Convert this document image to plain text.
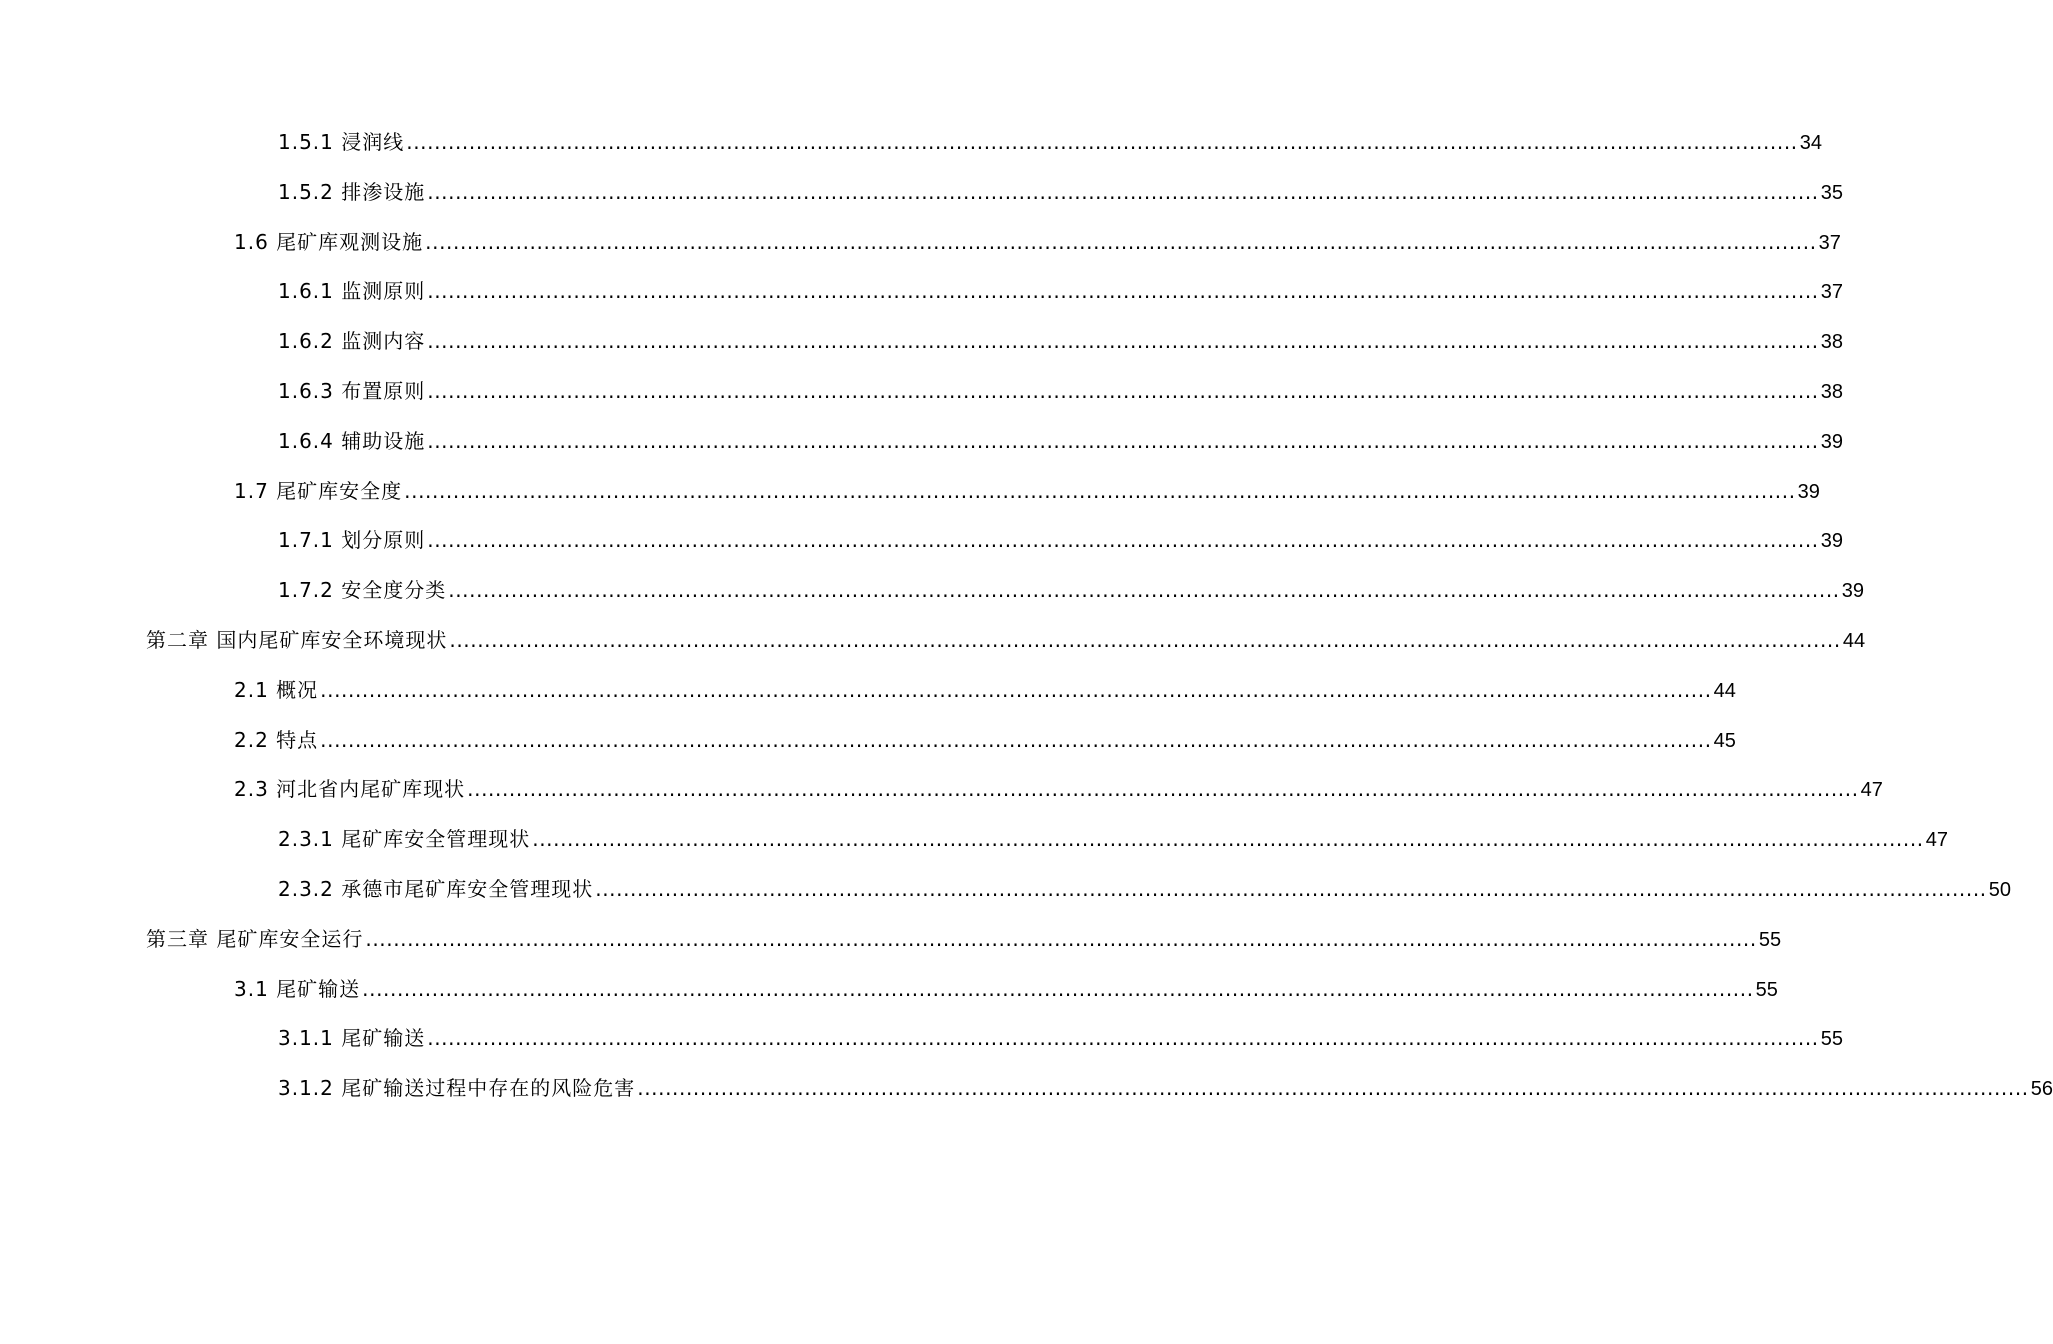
1.5.1 浸润线 ........................................................................................................................................................................................................ 34
1.5.2 排渗设施 ........................................................................................................................................................................................................ 35
1.6 尾矿库观测设施 ........................................................................................................................................................................................................ 37
1.6.1 监测原则 ........................................................................................................................................................................................................ 37
1.6.2 监测内容 ........................................................................................................................................................................................................ 38
1.6.3 布置原则 ........................................................................................................................................................................................................ 38
1.6.4 辅助设施 ........................................................................................................................................................................................................ 39
1.7 尾矿库安全度 ........................................................................................................................................................................................................ 39
1.7.1 划分原则 ........................................................................................................................................................................................................ 39
1.7.2 安全度分类 ........................................................................................................................................................................................................ 39
第二章 国内尾矿库安全环境现状 ........................................................................................................................................................................................................ 44
2.1 概况 ........................................................................................................................................................................................................ 44
2.2 特点 ........................................................................................................................................................................................................ 45
2.3 河北省内尾矿库现状 ........................................................................................................................................................................................................ 47
2.3.1 尾矿库安全管理现状 ........................................................................................................................................................................................................ 47
2.3.2 承德市尾矿库安全管理现状 ........................................................................................................................................................................................................ 50
第三章 尾矿库安全运行 ........................................................................................................................................................................................................ 55
3.1 尾矿输送 ........................................................................................................................................................................................................ 55
3.1.1 尾矿输送 ........................................................................................................................................................................................................ 55
3.1.2 尾矿输送过程中存在的风险危害 ........................................................................................................................................................................................................ 56
